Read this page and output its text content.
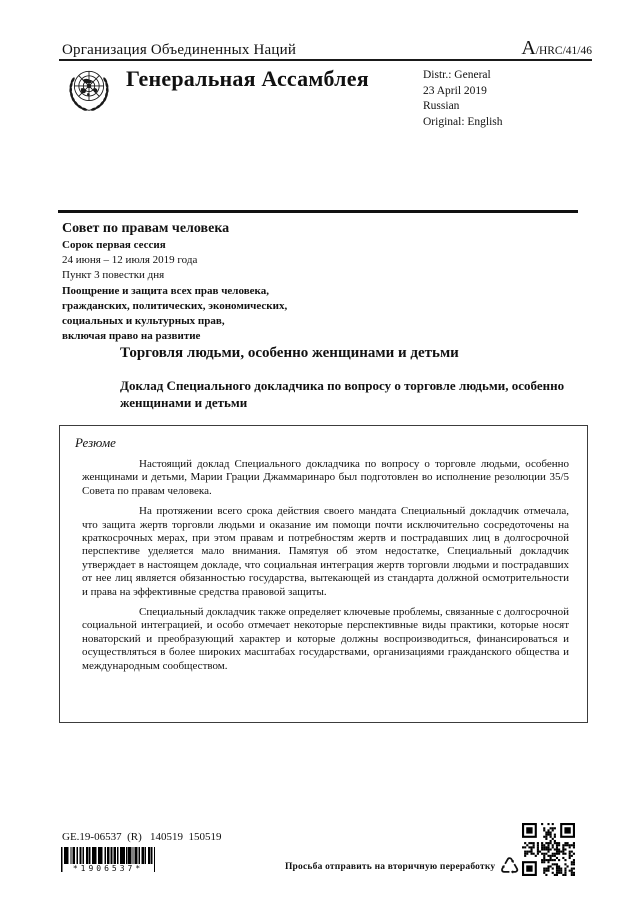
Организация Объединенных Наций	A /HRC/41/46
Генеральная Ассамблея	Distr.: General
23 April 2019
Russian
Original: English
Совет по правам человека
Сорок первая сессия
24 июня – 12 июля 2019 года
Пункт 3 повестки дня
Поощрение и защита всех прав человека,
гражданских, политических, экономических,
социальных и культурных прав,
включая право на развитие
Торговля людьми, особенно женщинами и детьми
Доклад Специального докладчика по вопросу о торговле людьми, особенно женщинами и детьми
Резюме

Настоящий доклад Специального докладчика по вопросу о торговле людьми, особенно женщинами и детьми, Марии Грации Джаммаринаро был подготовлен во исполнение резолюции 35/5 Совета по правам человека.

На протяжении всего срока действия своего мандата Специальный докладчик отмечала, что защита жертв торговли людьми и оказание им помощи почти исключительно сосредоточены на краткосрочных мерах, при этом правам и потребностям жертв и пострадавших лиц в долгосрочной перспективе уделяется мало внимания. Памятуя об этом недостатке, Специальный докладчик утверждает в настоящем докладе, что социальная интеграция жертв торговли людьми и пострадавших от нее лиц является обязанностью государства, вытекающей из стандарта должной осмотрительности и права на эффективные средства правовой защиты.

Специальный докладчик также определяет ключевые проблемы, связанные с долгосрочной социальной интеграцией, и особо отмечает некоторые перспективные виды практики, которые носят новаторский и преобразующий характер и которые должны воспроизводиться, финансироваться и осуществляться в более широких масштабах государствами, организациями гражданского общества и международным сообществом.

GE.19-06537  (R)   140519  150519
*1906537*	Просьба отправить на вторичную переработку ♺
